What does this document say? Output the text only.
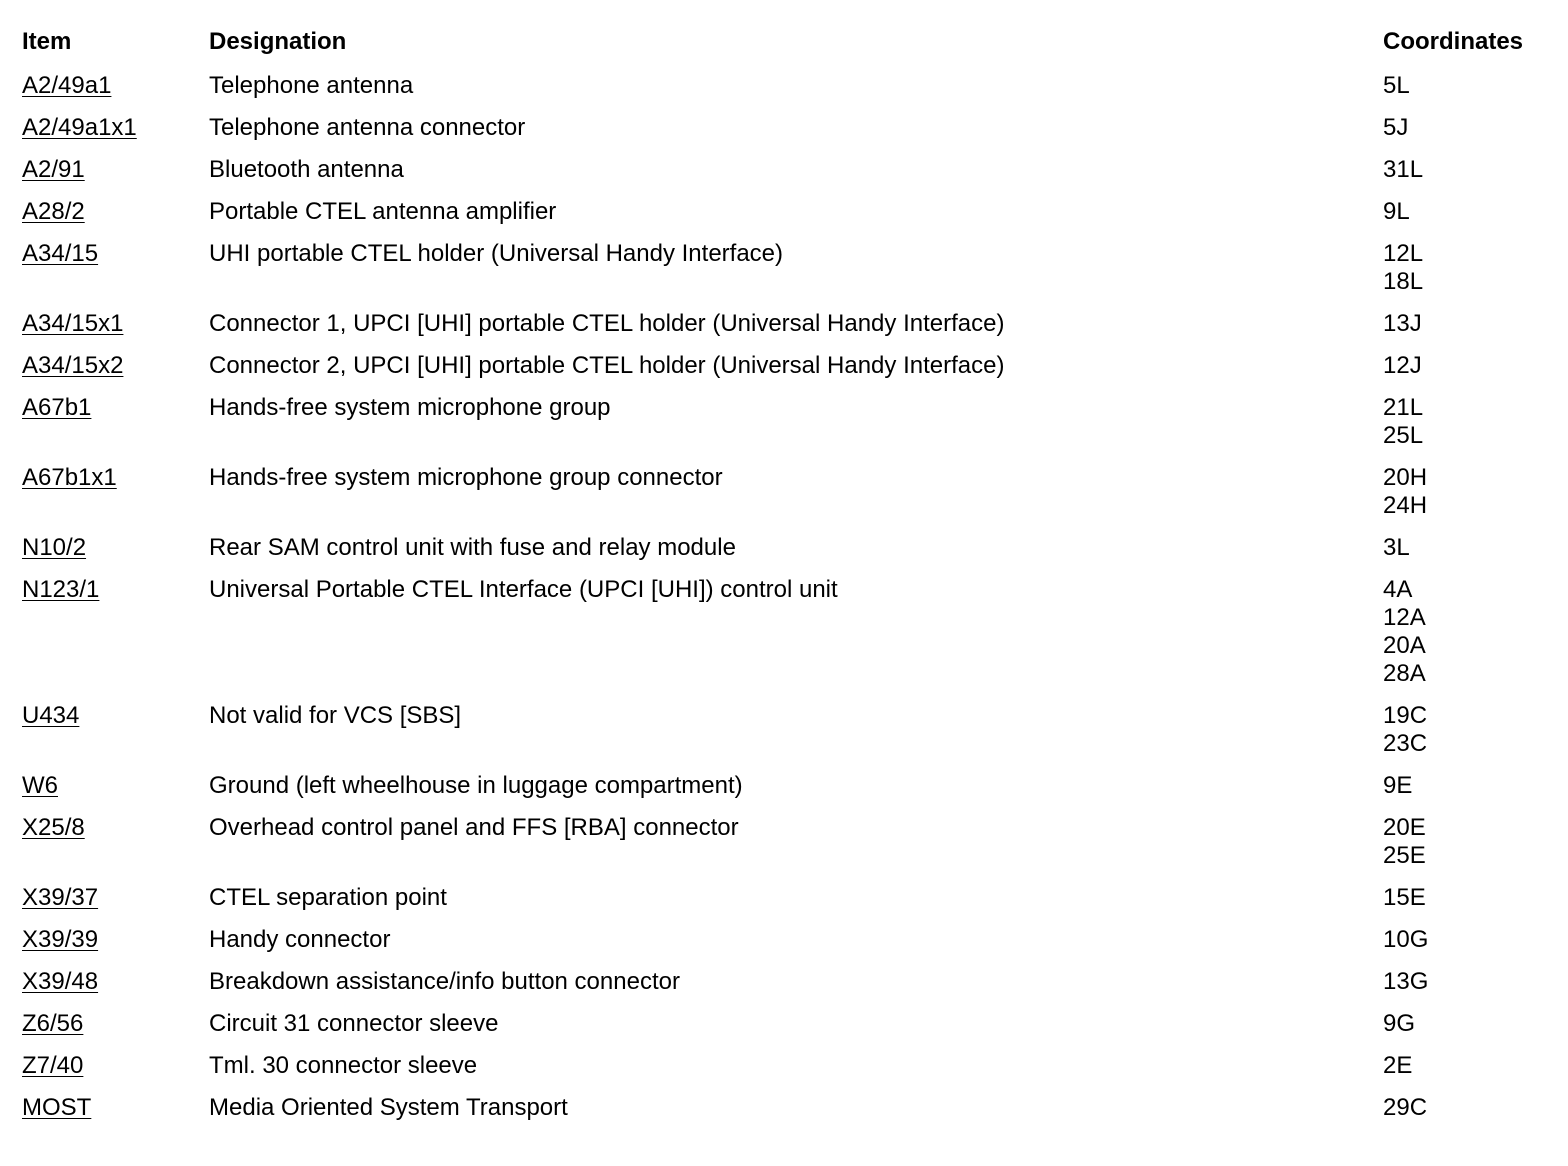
Item	Designation	Coordinates
A2/49a1	Telephone antenna	5L

A2/49a1x1	Telephone antenna connector	5J

A2/91	Bluetooth antenna	31L

A28/2	Portable CTEL antenna amplifier	9L

A34/15	UHI portable CTEL holder (Universal Handy Interface)	12L
18L

A34/15x1	Connector 1, UPCI [UHI] portable CTEL holder (Universal Handy Interface)	13J

A34/15x2	Connector 2, UPCI [UHI] portable CTEL holder (Universal Handy Interface)	12J

A67b1	Hands-free system microphone group	21L
25L

A67b1x1	Hands-free system microphone group connector	20H
24H

N10/2	Rear SAM control unit with fuse and relay module	3L

N123/1	Universal Portable CTEL Interface (UPCI [UHI]) control unit	4A
12A
20A
28A

U434	Not valid for VCS [SBS]	19C
23C

W6	Ground (left wheelhouse in luggage compartment)	9E

X25/8	Overhead control panel and FFS [RBA] connector	20E
25E

X39/37	CTEL separation point	15E

X39/39	Handy connector	10G

X39/48	Breakdown assistance/info button connector	13G

Z6/56	Circuit 31 connector sleeve	9G

Z7/40	Tml. 30 connector sleeve	2E

MOST	Media Oriented System Transport	29C
